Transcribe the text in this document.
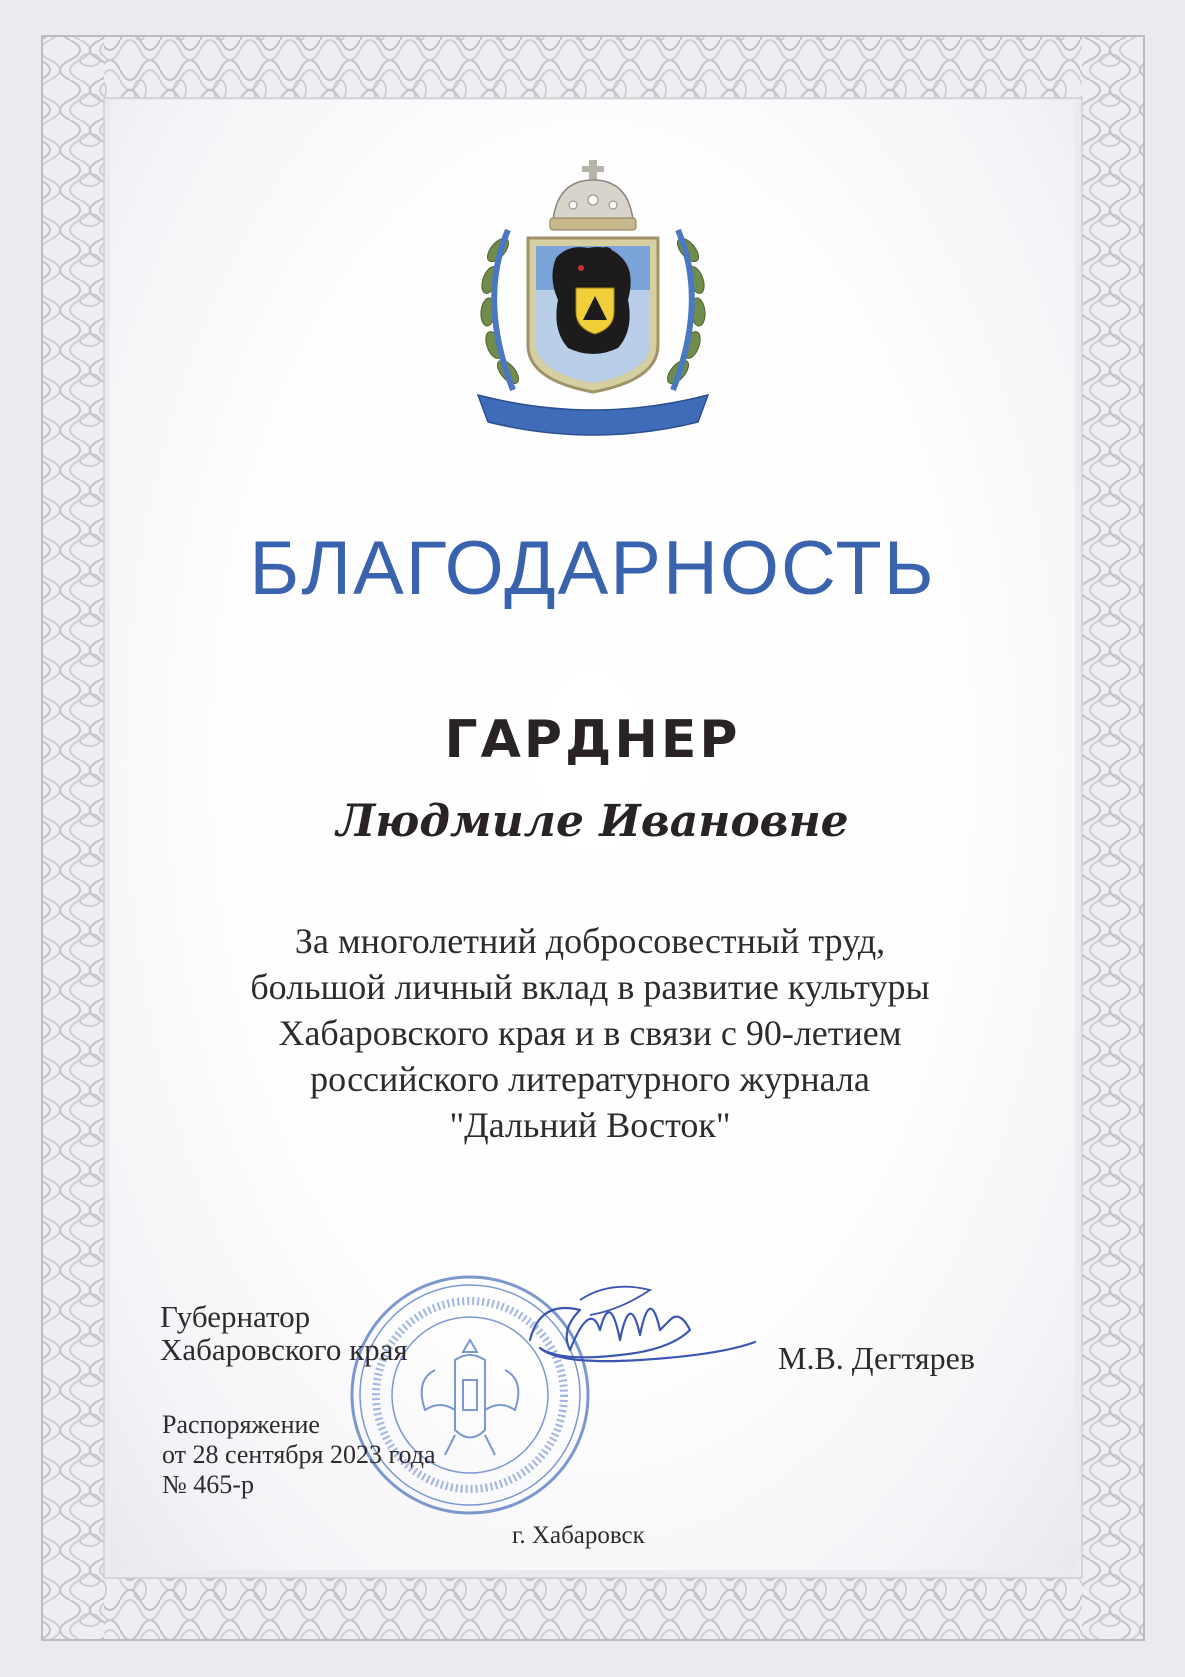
БЛАГОДАРНОСТЬ
ГАРДНЕР
Людмиле Ивановне
За многолетний добросовестный труд,
большой личный вклад в развитие культуры
Хабаровского края и в связи с 90-летием
российского литературного журнала
"Дальний Восток"
Губернатор
Хабаровского края	М.В. Дегтярев
Распоряжение
от 28 сентября 2023 года
№ 465-р
г. Хабаровск
